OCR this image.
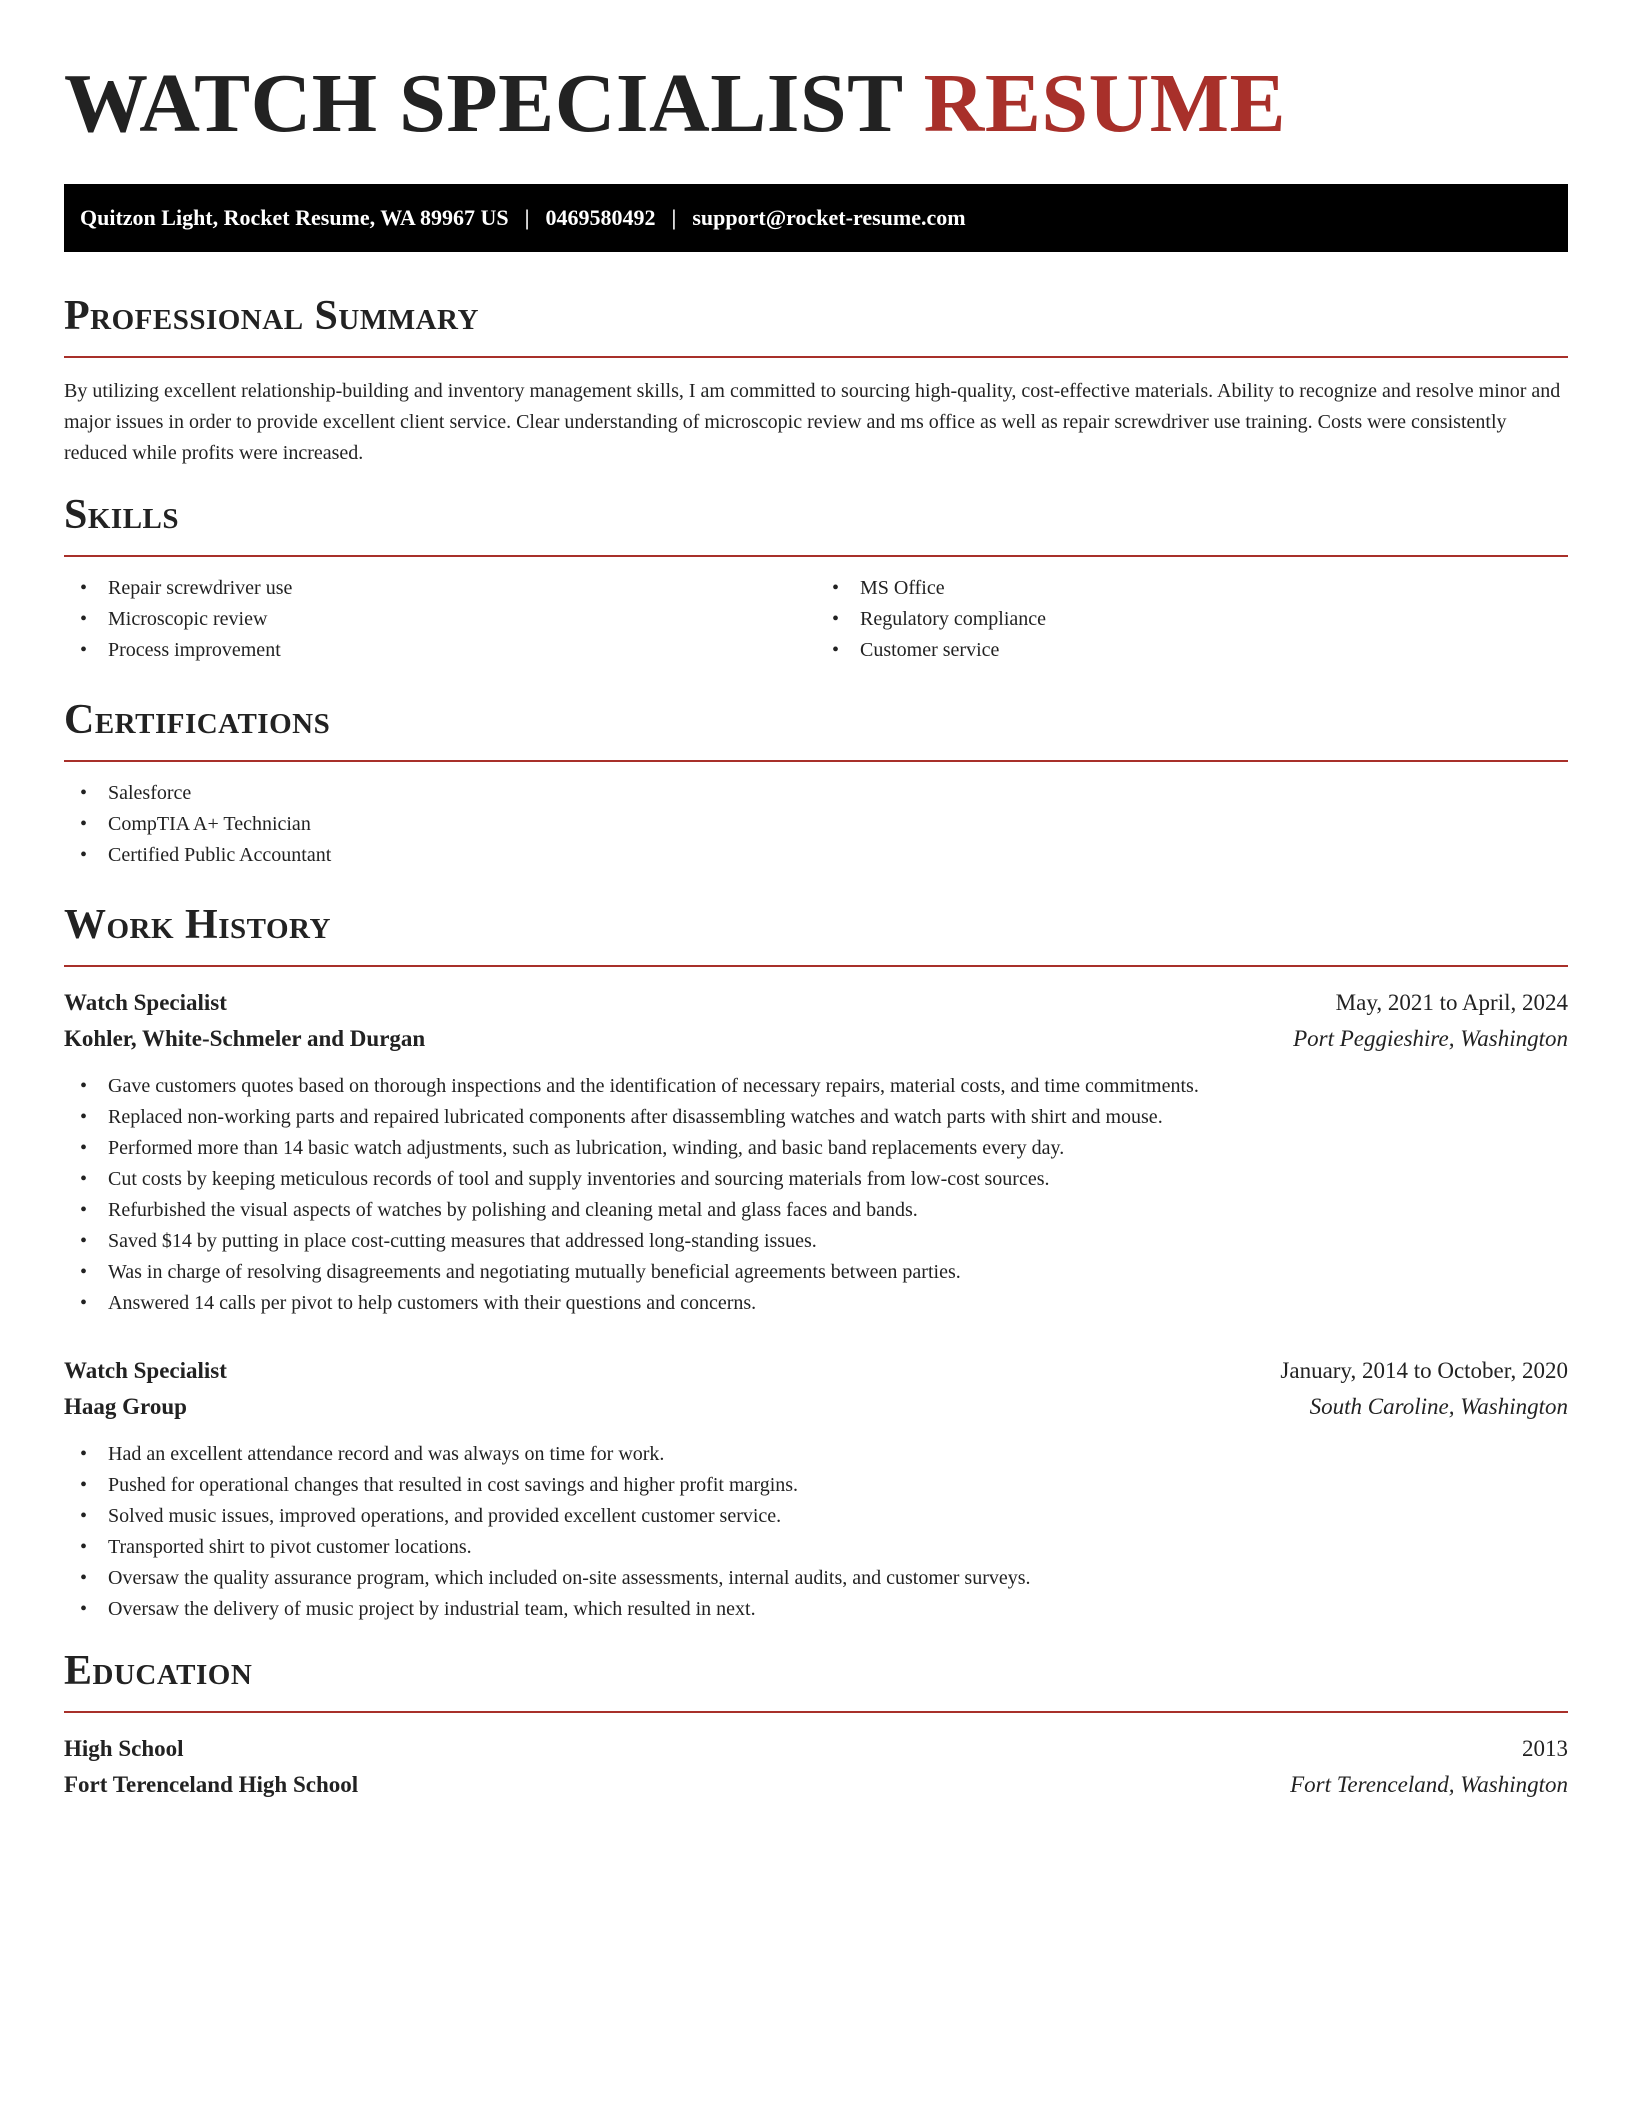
WATCH SPECIALIST RESUME
Quitzon Light, Rocket Resume, WA 89967 US | 0469580492 | support@rocket-resume.com
Professional Summary

By utilizing excellent relationship-building and inventory management skills, I am committed to sourcing high-quality, cost-effective materials. Ability to recognize and resolve minor and major issues in order to provide excellent client service. Clear understanding of microscopic review and ms office as well as repair screwdriver use training. Costs were consistently reduced while profits were increased.

Skills
• Repair screwdriver use
• Microscopic review
• Process improvement
• MS Office
• Regulatory compliance
• Customer service
Certifications
• Salesforce
• CompTIA A+ Technician
• Certified Public Accountant
Work History
Watch Specialist	May, 2021 to April, 2024
Kohler, White-Schmeler and Durgan	Port Peggieshire, Washington
• Gave customers quotes based on thorough inspections and the identification of necessary repairs, material costs, and time commitments.
• Replaced non-working parts and repaired lubricated components after disassembling watches and watch parts with shirt and mouse.
• Performed more than 14 basic watch adjustments, such as lubrication, winding, and basic band replacements every day.
• Cut costs by keeping meticulous records of tool and supply inventories and sourcing materials from low-cost sources.
• Refurbished the visual aspects of watches by polishing and cleaning metal and glass faces and bands.
• Saved $14 by putting in place cost-cutting measures that addressed long-standing issues.
• Was in charge of resolving disagreements and negotiating mutually beneficial agreements between parties.
• Answered 14 calls per pivot to help customers with their questions and concerns.
Watch Specialist	January, 2014 to October, 2020
Haag Group	South Caroline, Washington
• Had an excellent attendance record and was always on time for work.
• Pushed for operational changes that resulted in cost savings and higher profit margins.
• Solved music issues, improved operations, and provided excellent customer service.
• Transported shirt to pivot customer locations.
• Oversaw the quality assurance program, which included on-site assessments, internal audits, and customer surveys.
• Oversaw the delivery of music project by industrial team, which resulted in next.
Education
High School	2013
Fort Terenceland High School	Fort Terenceland, Washington
